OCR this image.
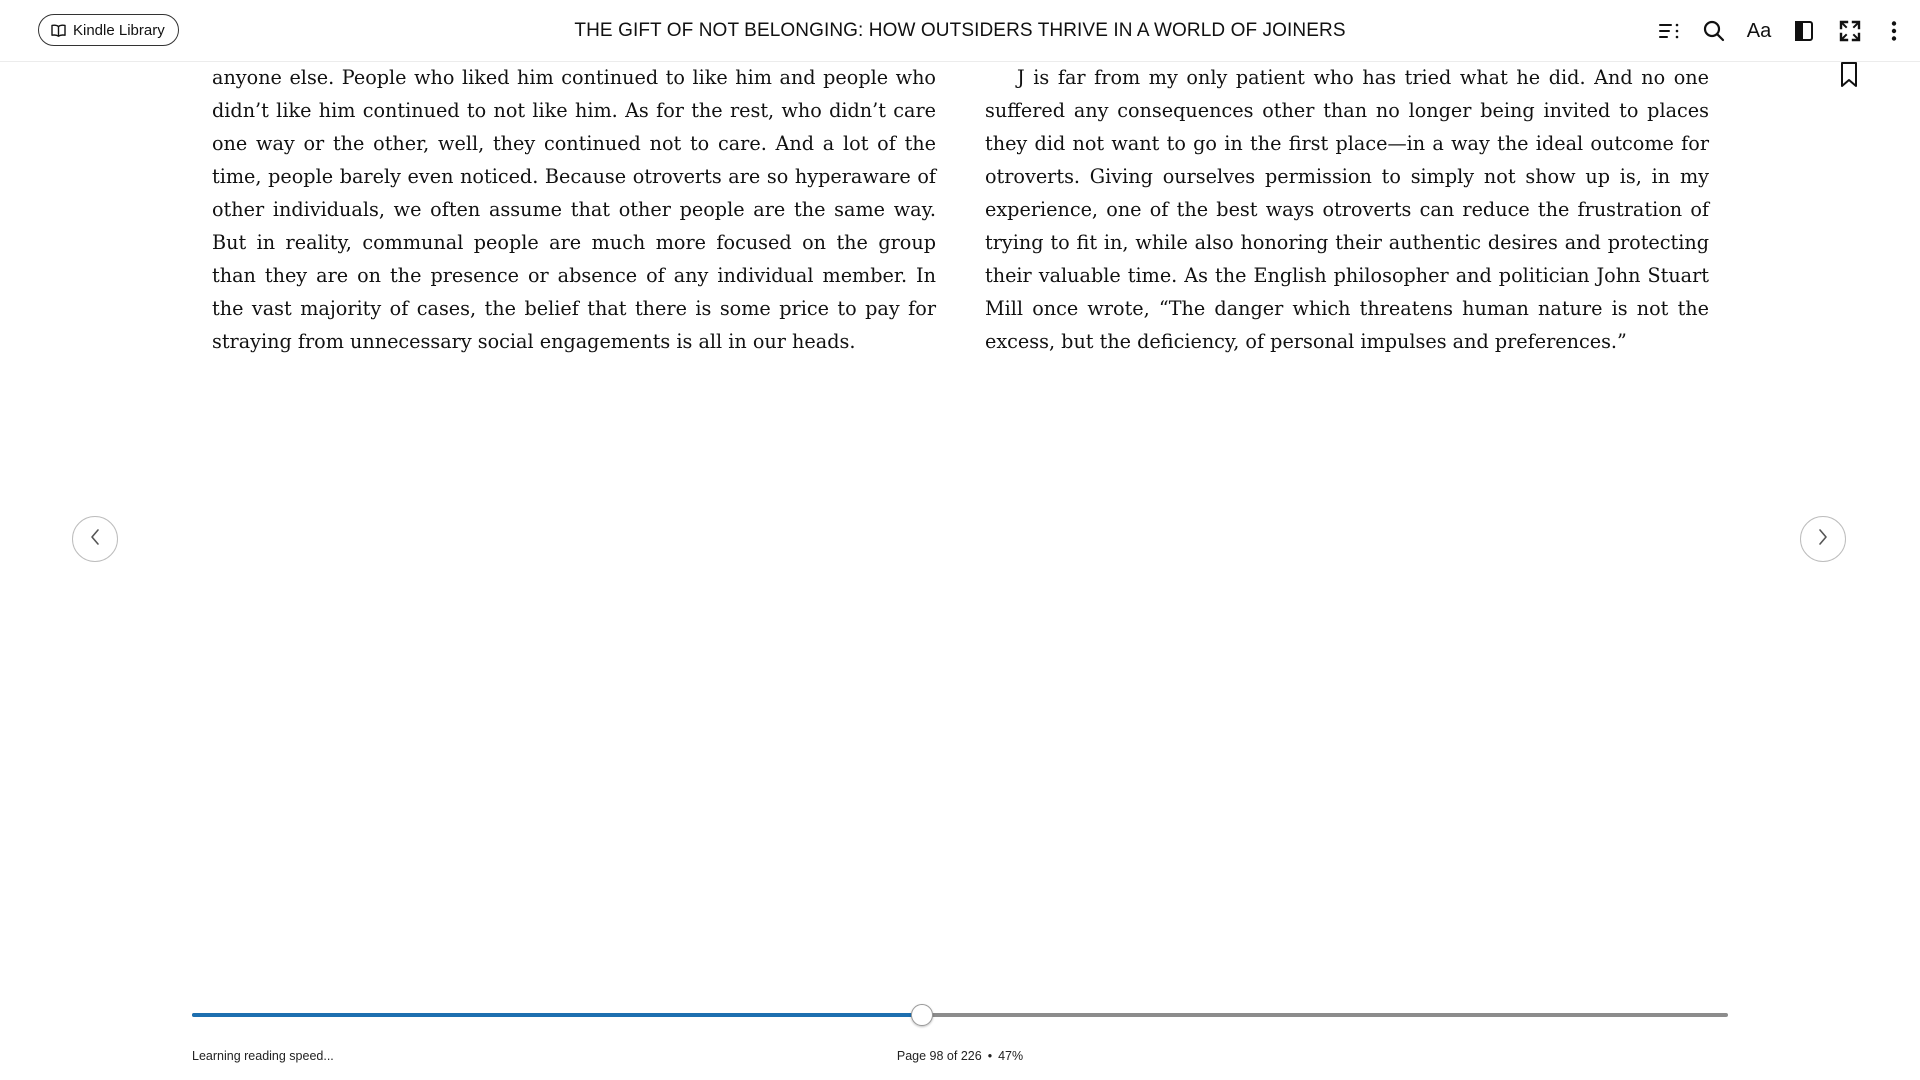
Kindle Library	THE GIFT OF NOT BELONGING: HOW OUTSIDERS THRIVE IN A WORLD OF JOINERS	Aa

anyone else. People who liked him continued to like him and people who didn’t like him continued to not like him. As for the rest, who didn’t care one way or the other, well, they continued not to care. And a lot of the time, people barely even noticed. Because otroverts are so hyperaware of other individuals, we often assume that other people are the same way. But in reality, communal people are much more focused on the group than they are on the presence or absence of any individual member. In the vast majority of cases, the belief that there is some price to pay for straying from unnecessary social engagements is all in our heads.

J is far from my only patient who has tried what he did. And no one suffered any consequences other than no longer being invited to places they did not want to go in the first place—in a way the ideal outcome for otroverts. Giving ourselves permission to simply not show up is, in my experience, one of the best ways otroverts can reduce the frustration of trying to fit in, while also honoring their authentic desires and protecting their valuable time. As the English philosopher and politician John Stuart Mill once wrote, “The danger which threatens human nature is not the excess, but the deficiency, of personal impulses and preferences.”

Learning reading speed...	Page 98 of 226 • 47%
